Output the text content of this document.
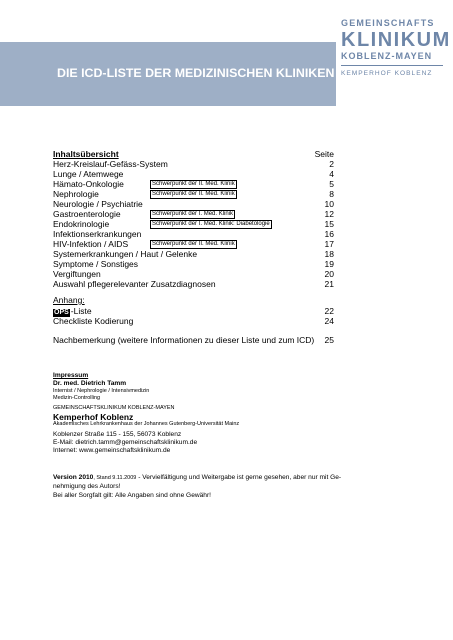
DIE ICD-LISTE DER MEDIZINISCHEN KLINIKEN
GEMEINSCHAFTS
KLINIKUM
KOBLENZ-MAYEN
KEMPERHOF KOBLENZ
Inhaltsübersicht	Seite
Herz-Kreislauf-Gefäss-System	2
Lunge / Atemwege	4
Hämato-Onkologie	Schwerpunkt der II. Med. Klinik	5
Nephrologie	Schwerpunkt der II. Med. Klinik	8
Neurologie / Psychiatrie	10
Gastroenterologie	Schwerpunkt der I. Med. Klinik	12
Endokrinologie	Schwerpunkt der I. Med. Klinik: Diabetologie	15
Infektionserkrankungen	16
HIV-Infektion / AIDS	Schwerpunkt der II. Med. Klinik	17
Systemerkrankungen / Haut / Gelenke	18
Symptome / Sonstiges	19
Vergiftungen	20
Auswahl pflegerelevanter Zusatzdiagnosen	21
Anhang:
OPS -Liste	22
Checkliste Kodierung	24
Nachbemerkung (weitere Informationen zu dieser Liste und zum ICD) 25
Impressum
Dr. med. Dietrich Tamm
Internist / Nephrologie / Intensivmedizin
Medizin-Controlling
GEMEINSCHAFTSKLINIKUM KOBLENZ-MAYEN
Kemperhof Koblenz
Akademisches Lehrkrankenhaus der Johannes Gutenberg-Universität Mainz
Koblenzer Straße 115 - 155, 56073 Koblenz
E-Mail: dietrich.tamm@gemeinschaftsklinikum.de
Internet: www.gemeinschaftsklinikum.de
Version 2010, Stand 9.11.2009 - Vervielfältigung und Weitergabe ist gerne gesehen, aber nur mit Ge-
nehmigung des Autors!
Bei aller Sorgfalt gilt: Alle Angaben sind ohne Gewähr!
